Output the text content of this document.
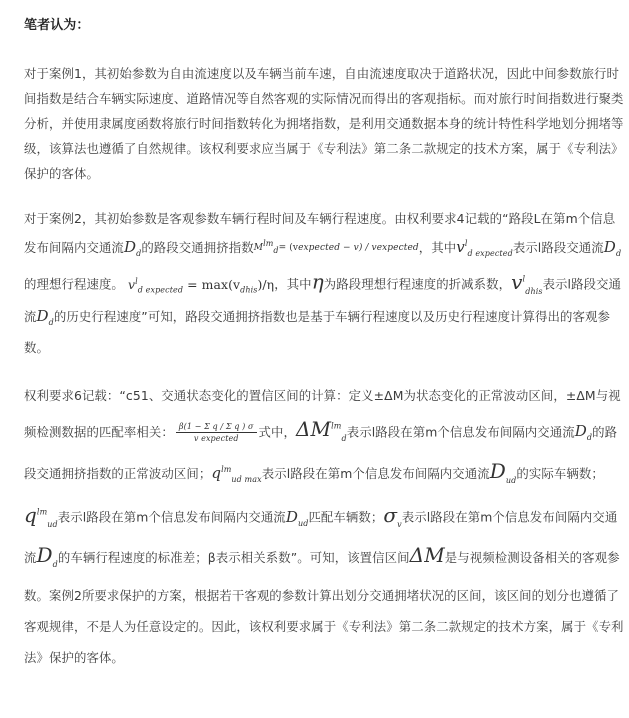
笔者认为：

对于案例1，其初始参数为自由流速度以及车辆当前车速，自由流速度取决于道路状况，因此中间参数旅行时间指数是结合车辆实际速度、道路情况等自然客观的实际情况而得出的客观指标。而对旅行时间指数进行聚类分析，并使用隶属度函数将旅行时间指数转化为拥堵指数，是利用交通数据本身的统计特性科学地划分拥堵等级，该算法也遵循了自然规律。该权利要求应当属于《专利法》第二条二款规定的技术方案，属于《专利法》保护的客体。

对于案例2，其初始参数是客观参数车辆行程时间及车辆行程速度。由权利要求4记载的“路段L在第m个信息发布间隔内交通流$D_d$的路段交通拥挤指数$M^{lm}_d=$ (vexpected − v) / vexpected，其中$v^l_{d expected}$表示l路段交通流$D_d$的理想行程速度。 $v^l_{d expected} = \max(v_{dhis})/\eta$，其中η为路段理想行程速度的折减系数，$v^l_{dhis}$表示l路段交通流$D_d$的历史行程速度”可知，路段交通拥挤指数也是基于车辆行程速度以及历史行程速度计算得出的客观参数。

权利要求6记载：“c51、交通状态变化的置信区间的计算：定义±ΔM为状态变化的正常波动区间，±ΔM与视频检测数据的匹配率相关： $\frac{\text{β(1 − Σ q / Σ q ) σ}}{\text{v expected}}$ 式中，$\Delta M^{lm}_d$表示l路段在第m个信息发布间隔内交通流$D_d$的路段交通拥挤指数的正常波动区间；$q^{lm}_{ud max}$表示l路段在第m个信息发布间隔内交通流$D_{ud}$的实际车辆数；$q^{lm}_{ud}$表示l路段在第m个信息发布间隔内交通流$D_{ud}$匹配车辆数；$\sigma_v$表示l路段在第m个信息发布间隔内交通流$D_d$的车辆行程速度的标准差；β表示相关系数”。可知，该置信区间ΔM是与视频检测设备相关的客观参数。案例2所要求保护的方案，根据若干客观的参数计算出划分交通拥堵状况的区间，该区间的划分也遵循了客观规律，不是人为任意设定的。因此，该权利要求属于《专利法》第二条二款规定的技术方案，属于《专利法》保护的客体。
